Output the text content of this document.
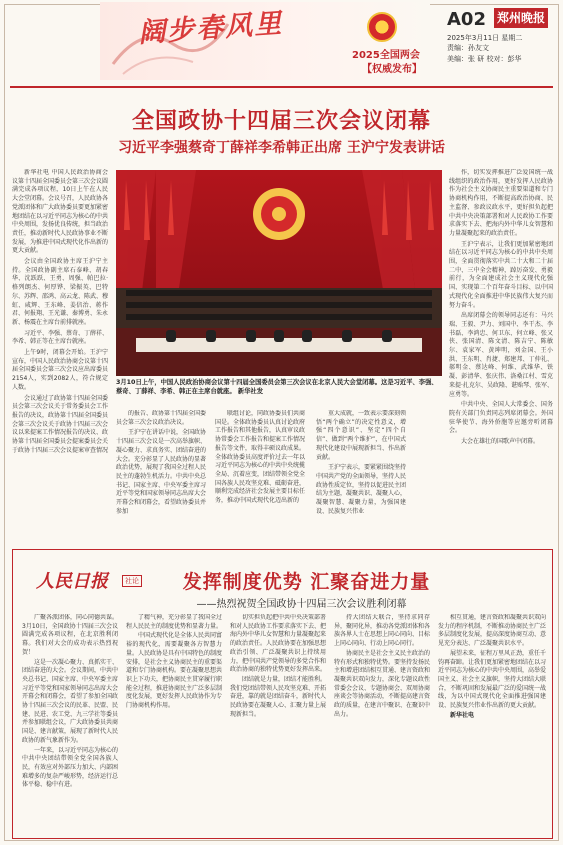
阔步春风里
2025全国两会
【权威发布】
A02 郑州晚报
2025年3月11日 星期二
责编：孙友文
美编：张 研 校对：彭华
全国政协十四届三次会议闭幕
习近平李强蔡奇丁薛祥李希韩正出席 王沪宁发表讲话

新华社电 中国人民政治协商会议第十四届全国委员会第三次会议圆满完成各项议程，10日上午在人民大会堂闭幕。会议号召，人民政协各党派团体和广大政协委员要更加紧密地团结在以习近平同志为核心的中共中央周围，发扬优良传统，担当政治责任，推动新时代人民政协事业不断发展，为推进中国式现代化作出新的更大贡献。

会议由全国政协主席王沪宁主持。全国政协副主席石泰峰、胡春华、沈跃跃、王勇、周强、帕巴拉·格列朗杰、何厚铧、梁振英、巴特尔、苏辉、邵鸿、高云龙、陈武、穆虹、咸辉、王东峰、姜信治、蒋作君、何报翔、王光谦、秦博勇、朱永新、杨震在主席台前排就座。

习近平、李强、蔡奇、丁薛祥、李希、韩正等在主席台就座。

上午9时，闭幕会开始。王沪宁宣布，中国人民政治协商会议第十四届全国委员会第三次会议应出席委员2154人，实到2082人，符合规定人数。

会议通过了政协第十四届全国委员会第三次会议关于常务委员会工作报告的决议，政协第十四届全国委员会第三次会议关于政协十四届三次会议以来提案工作情况报告的决议、政协第十四届全国委员会提案委员会关于政协十四届三次会议提案审查情况

3月10日上午，中国人民政治协商会议第十四届全国委员会第三次会议在北京人民大会堂闭幕。这是习近平、李强、蔡奇、丁薛祥、李希、韩正在主席台就座。 新华社发

的报告、政协第十四届全国委员会第三次会议政治决议。

王沪宁在讲话中说，全国政协十四届三次会议是一次高举旗帜、凝心聚力、求真务实、团结奋进的大会。充分彰显了人民政协的显著政治优势，展现了我国全过程人民民主的蓬勃生机活力。中共中央总书记、国家主席、中央军委主席习近平等党和国家领导同志出席大会开幕会和闭幕会，看望政协委员并参加

联组讨论，同政协委员们共商国是。全体政协委员认真讨论政府工作报告和其他报告，认真审议政协常委会工作报告和提案工作情况报告等文件，取得丰硕议政成果。全体政协委员高度评价过去一年以习近平同志为核心的中共中央统揽全局、沉着应变，团结带领全党全国各族人民攻坚克难、砥砺奋进，顺利完成经济社会发展主要目标任务，推动中国式现代化迈出新的

重大成就，一致表示要深刻领悟“两个确立”的决定性意义，增强“四个意识”、坚定“四个自信”、做到“两个维护”，在中国式现代化建设中展现新担当、作出新贡献。

王沪宁表示，要紧紧围绕坚持中国共产党的全面领导，坚持人民政协性质定位，坚持以促进民主团结为主题，凝聚共识、凝聚人心，凝聚智慧、凝聚力量，为强国建设、民族复兴伟业

作，切实发挥推进广泛爱国统一战线组织的政治作用，更好发挥人民政协作为社会主义协商民主重要渠道和专门协商机构作用，不断提高政治协商、民主监督、参政议政水平，更好担负起把中共中央决策部署和对人民政协工作要求落实下去、把海内外中华儿女智慧和力量凝聚起来的政治责任。

王沪宁表示，让我们更加紧密地团结在以习近平同志为核心的中共中央周围，全面贯彻落实中共二十大和二十届二中、三中全会精神，踔厉奋发、勇毅前行，为全面建成社会主义现代化强国、实现第二个百年奋斗目标、以中国式现代化全面推进中华民族伟大复兴而努力奋斗。

出席闭幕会的领导同志还有：马兴瑞、王毅、尹力、刘国中、李干杰、李书磊、李鸿忠、何卫东、何立峰、张又侠、张国清、陈文清、陈吉宁、陈敏尔、袁家军、黄坤明，刘金国、王小洪、王东明、肖捷、郑建邦、丁仲礼、郝明金、蔡达峰、何维、武维华、铁凝、彭清华、张庆伟、洛桑江村、雪克来提·扎克尔、吴政隆、谌贻琴、张军、应勇等。

中共中央、全国人大常委会、国务院有关部门负责同志列席闭幕会。外国驻华使节、海外侨胞等应邀旁听闭幕会。

大会在雄壮的国歌声中闭幕。

人民日报	社论	发挥制度优势 汇聚奋进力量
——热烈祝贺全国政协十四届三次会议胜利闭幕

广聚各派团体，同心同德共谋。3月10日，全国政协十四届三次会议圆满完成各项议程，在北京胜利闭幕。我们对大会的成功表示热烈祝贺！

这是一次凝心聚力、真抓实干、团结奋进的大会。会议期间，中共中央总书记、国家主席、中央军委主席习近平等党和国家领导同志出席大会开幕会和闭幕会，看望了参加全国政协十四届三次会议的民革、民盟、民建、民进、农工党、九三学社等委员并参加联组会议，广大政协委员共商国是、建言献策，展现了新时代人民政协的新气象新作为。

一年来，以习近平同志为核心的中共中央团结带领全党全国各族人民，有效应对外部压力加大、内部困难增多的复杂严峻形势，经济运行总体平稳、稳中有进。

了精气神，充分彰显了我国全过程人民民主的制度优势和显著力量。

中国式现代化是全体人民共同富裕的现代化，需要凝聚各方智慧力量。人民政协是具有中国特色的制度安排，是社会主义协商民主的重要渠道和专门协商机构。要在凝聚思想共识上下功夫，把协商民主贯穿履行职能全过程，推进协商民主广泛多层制度化发展，更好发挥人民政协作为专门协商机构作用。

切实担负起把中共中央决策部署和对人民政协工作要求落实下去、把海内外中华儿女智慧和力量凝聚起来的政治责任。人民政协要在加强思想政治引领、广泛凝聚共识上持续用力，把中国共产党领导的多党合作和政治协商的独特优势更好发挥出来。

团结就是力量，团结才能胜利。我们党团结带领人民攻坚克难、开拓奋进，靠的就是团结奋斗，新时代人民政协要在凝聚人心、汇聚力量上展现新担当。

持大团结大联合，坚持求同存异，聚同化异，推动各党派团体和各族各界人士在思想上同心同向、目标上同心同向、行动上同心同行。

协商民主是社会主义民主政治的特有形式和独特优势。要坚持发扬民主和增进团结相互贯通、建言资政和凝聚共识双向发力，深化专题议政性常委会会议、专题协商会、双周协商座谈会等协商活动，不断提高建言资政的质量，在建言中聚识、在聚识中出力。

相互贯通，建言资政和凝聚共识双向发力的程序机制，不断推动协商民主广泛多层制度化发展，提高深度协商互动、意见充分表达、广泛凝聚共识水平。

展望未来，征程万里风正劲，重任千钧再奋蹄。让我们更加紧密地团结在以习近平同志为核心的中共中央周围，高举爱国主义、社会主义旗帜，坚持大团结大联合，不断巩固和发展最广泛的爱国统一战线，为以中国式现代化全面推进强国建设、民族复兴伟业作出新的更大贡献。

新华社电
